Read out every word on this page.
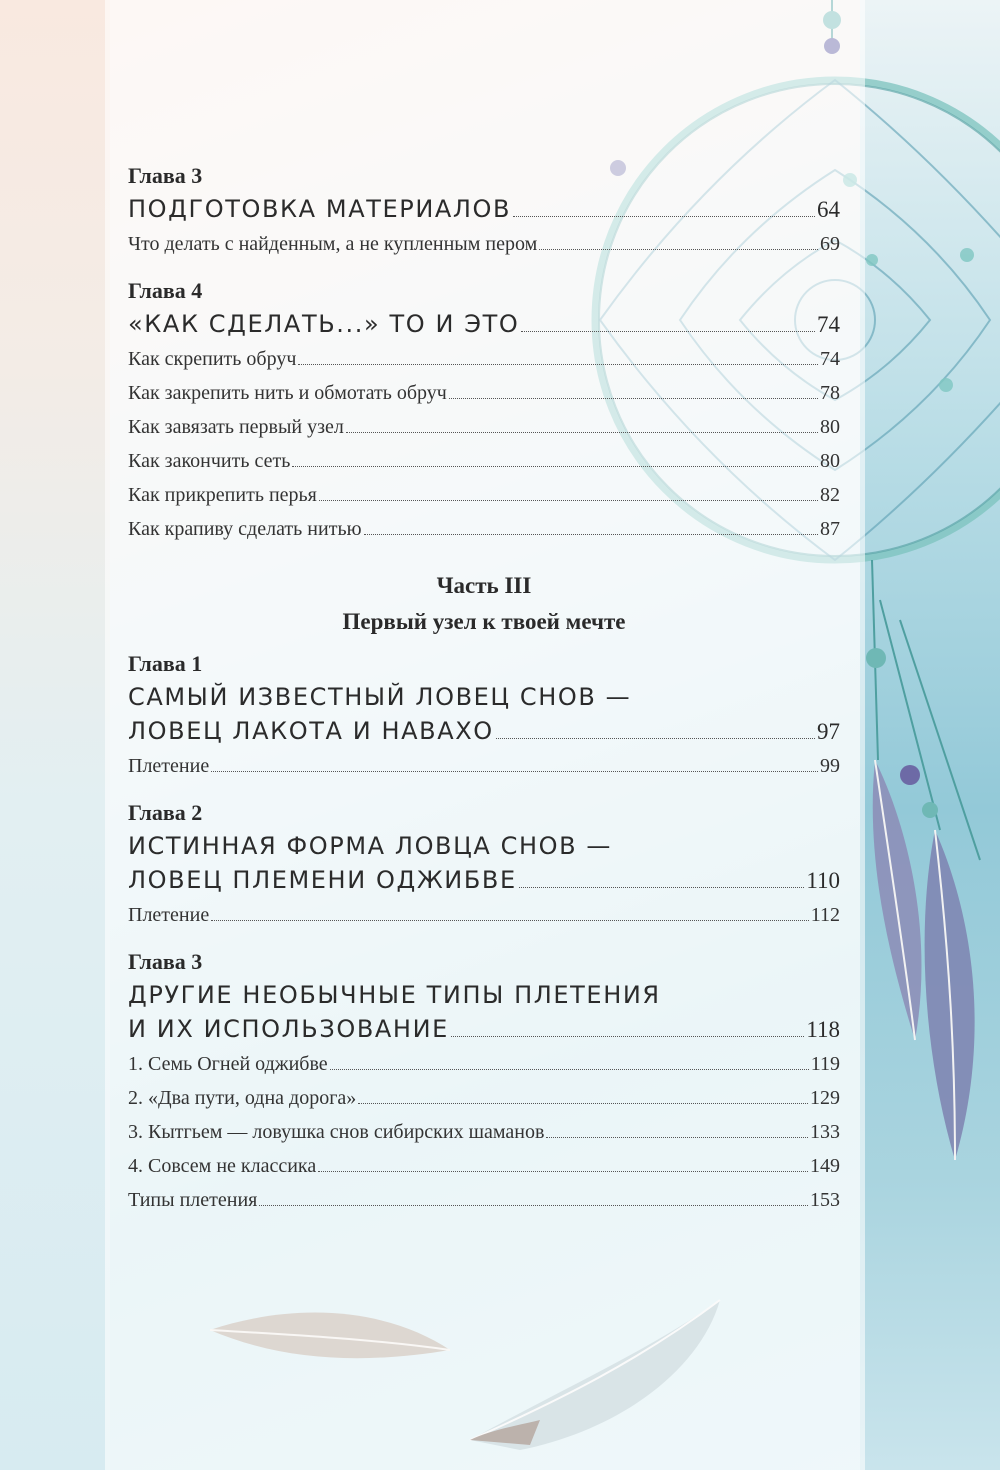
Глава 3
ПОДГОТОВКА МАТЕРИАЛОВ	64
Что делать с найденным, а не купленным пером	69
Глава 4
«КАК СДЕЛАТЬ...» ТО И ЭТО	74
Как скрепить обруч	74
Как закрепить нить и обмотать обруч	78
Как завязать первый узел	80
Как закончить сеть	80
Как прикрепить перья	82
Как крапиву сделать нитью	87
Часть III
Первый узел к твоей мечте
Глава 1
САМЫЙ ИЗВЕСТНЫЙ ЛОВЕЦ СНОВ —
ЛОВЕЦ ЛАКОТА И НАВАХО	97
Плетение	99
Глава 2
ИСТИННАЯ ФОРМА ЛОВЦА СНОВ —
ЛОВЕЦ ПЛЕМЕНИ ОДЖИБВЕ	110
Плетение	112
Глава 3
ДРУГИЕ НЕОБЫЧНЫЕ ТИПЫ ПЛЕТЕНИЯ
И ИХ ИСПОЛЬЗОВАНИЕ	118
1. Семь Огней оджибве	119
2. «Два пути, одна дорога»	129
3. Кытгьем — ловушка снов сибирских шаманов	133
4. Совсем не классика	149
Типы плетения	153
